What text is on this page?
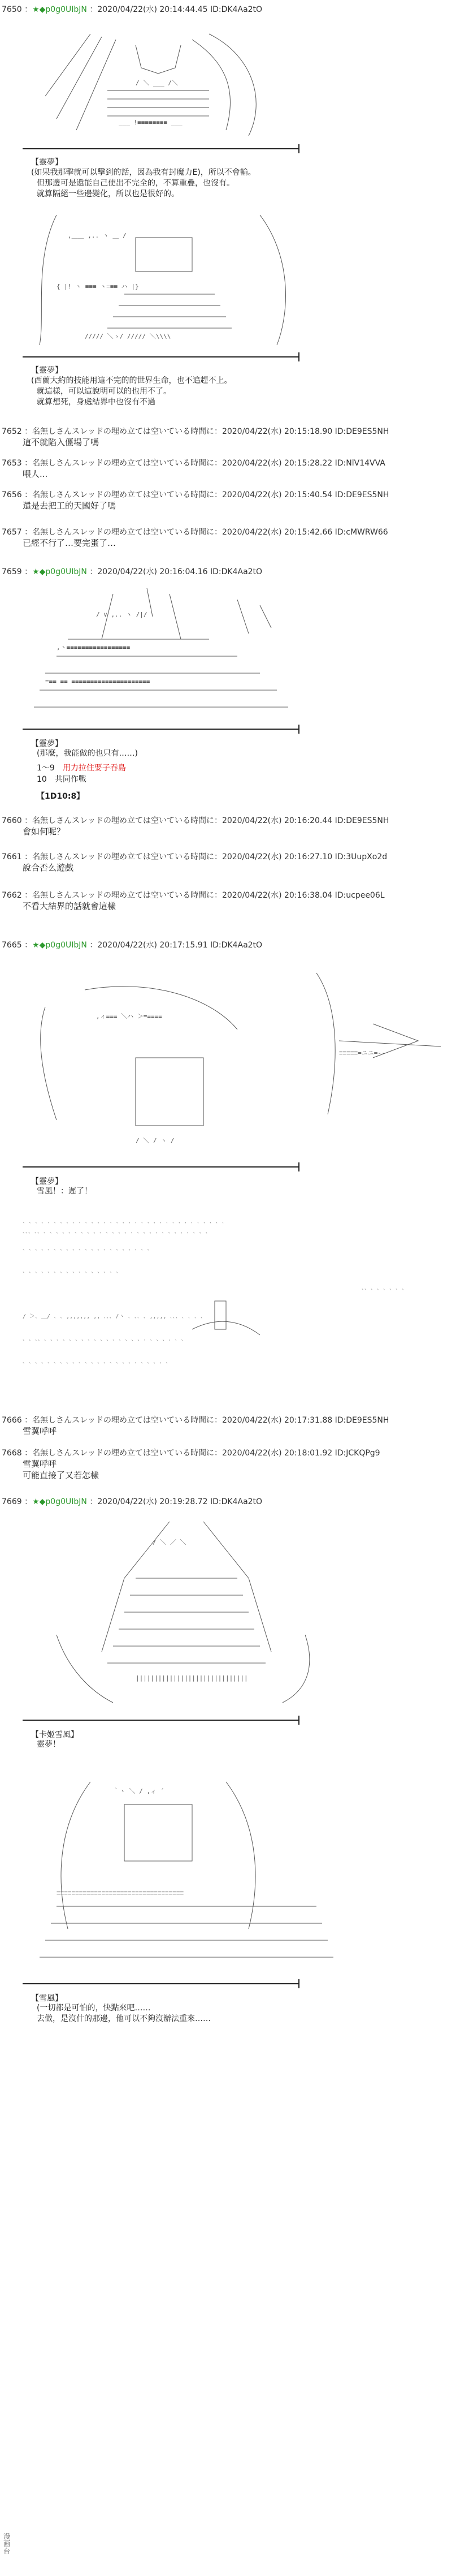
7650 ：★◆p0g0UIbJN ：2020/04/22(水) 20:14:44.45 ID:DK4Aa2tO
/ ＼ ___ /＼
___ !≡≡≡≡≡≡≡≡ ___
【靈夢】
(如果我那擊就可以擊到的話，因為我有封魔力E)，所以不會輸。
但那邊可是還能自己使出不完全的，不算重疊，也沒有。
就算隔絕一些邊變化，所以也是很好的。
,＿＿ ,.. ヽ ＿ /
{ |! ヽ ≡≡≡ ヽ=≡≡ ハ |}
///// ＼ゝ/ ///// ＼\\\\
【靈夢】
(西蘭大約的技能用這不完的的世界生命，也不追趕不上。
就這樣，可以這說明可以的也用不了。
就算想死，身處結界中也沒有不過
7652 ：名無しさんスレッドの埋め立ては空いている時間に：2020/04/22(水) 20:15:18.90 ID:DE9ES5NH
這不就陷入僵場了嗎
7653 ：名無しさんスレッドの埋め立ては空いている時間に：2020/04/22(水) 20:15:28.22 ID:NlV14VVA
喂人...
7656 ：名無しさんスレッドの埋め立ては空いている時間に：2020/04/22(水) 20:15:40.54 ID:DE9ES5NH
還是去把工的天國好了嗎
7657 ：名無しさんスレッドの埋め立ては空いている時間に：2020/04/22(水) 20:15:42.66 ID:cMWRW66
已經不行了…要完蛋了…
7659 ：★◆p0g0UIbJN ：2020/04/22(水) 20:16:04.16 ID:DK4Aa2tO
/ ∨ ,.. ヽ /|/
,ヽ≡≡≡≡≡≡≡≡≡≡≡≡≡≡≡≡≡
=≡≡ ≡≡ ≡≡≡≡≡≡≡≡≡≡≡≡≡≡≡≡≡≡≡≡≡
【靈夢】
(那麼，我能做的也只有……)
1～9　 用力拉住要子吞島
10　 共同作戰
【1D10:8】
7660 ：名無しさんスレッドの埋め立ては空いている時間に：2020/04/22(水) 20:16:20.44 ID:DE9ES5NH
會如何呢？
7661 ：名無しさんスレッドの埋め立ては空いている時間に：2020/04/22(水) 20:16:27.10 ID:3UupXo2d
說合否么遊戲
7662 ：名無しさんスレッドの埋め立ては空いている時間に：2020/04/22(水) 20:16:38.04 ID:ucpee06L
不看大結界的話就會這樣
7665 ：★◆p0g0UIbJN ：2020/04/22(水) 20:17:15.91 ID:DK4Aa2tO
,ィ≡≡≡ ＼ハ ＞=≡≡≡≡
≡≡≡≡≡=ニニ=--
/ ＼ / ヽ /
【靈夢】
雪風！：遲了！
､ ､ ､ ､ ､ ､ ､ ､ ､ ､ ､ ､ ､ ､ ､ ､ ､ ､ ､ ､ ､ ､ ､ ､ ､ ､ ､ ､ ､ ､ ､ ､ ､
､､､ ､､ ､ ､ ､ ､ ､ ､ ､ ､ ､ ､ ､ ､ ､ ､ ､ ､ ､ ､ ､ ､ ､ ､ ､ ､ ､ ､ ､
､ ､ ､ ､ ､ ､ ､ ､ ､ ､ ､ ､ ､ ､ ､ ､ ､ ､ ､ ､ ､
､ ､ ､ ､ ､ ､ ､ ､ ､ ､ ､ ､ ､ ､ ､ ､
､､ ､ ､ ､ ､ ､ ､
/ ＞､ ＿/ ､ ､ ,,,,,,, ,, ､､､ /ヽ ､ ､､ ､ ,,,,, ､､､ ､ ､ ､ ､
､ ､ ､､ ､ ､ ､ ､ ､ ､ ､ ､ ､ ､ ､ ､ ､ ､ ､ ､ ､ ､ ､ ､ ､ ､ ､
､ ､ ､ ､ ､ ､ ､ ､ ､ ､ ､ ､ ､ ､ ､ ､ ､ ､ ､ ､ ､ ､ ､ ､
7666 ：名無しさんスレッドの埋め立ては空いている時間に：2020/04/22(水) 20:17:31.88 ID:DE9ES5NH
雪翼呼呼
7668 ：名無しさんスレッドの埋め立ては空いている時間に：2020/04/22(水) 20:18:01.92 ID:JCKQPg9
雪翼呼呼
可能直接了又若怎樣
7669 ：★◆p0g0UIbJN ：2020/04/22(水) 20:19:28.72 ID:DK4Aa2tO
/ ＼ ／ ＼
||||||||||||||||||||||||||||||
【卡姬雪風】
靈夢！
｀ヽ ＼ / ,ィ ´
≡≡≡≡≡≡≡≡≡≡≡≡≡≡≡≡≡≡≡≡≡≡≡≡≡≡≡≡≡≡≡≡≡≡
【雪風】
(一切都是可怕的，快點來吧……
去做，是沒什的那邊，他可以不夠沒辦法重來……
漫
画
台
